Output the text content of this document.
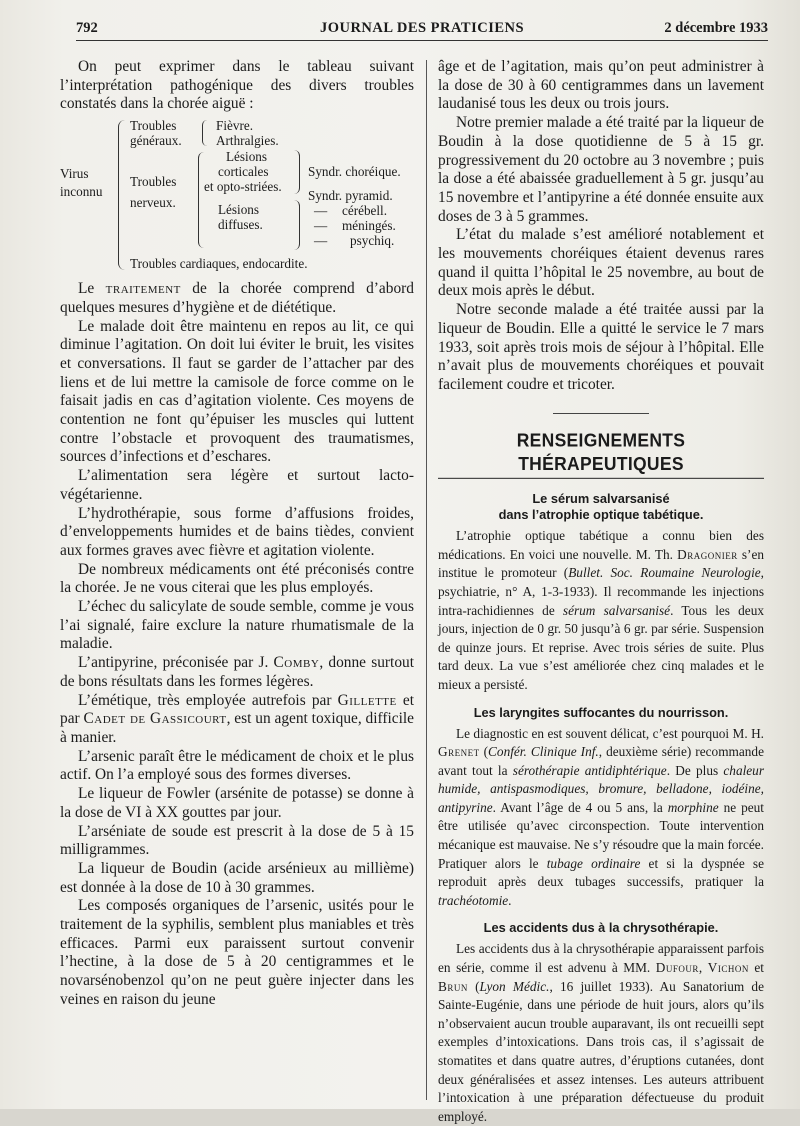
792	JOURNAL DES PRATICIENS	2 décembre 1933

On peut exprimer dans le tableau suivant l’interprétation pathogénique des divers troubles constatés dans la chorée aiguë :

Virus
inconnu
Troubles
généraux.
Fièvre.
Arthralgies.
Troubles
nerveux.
Lésions
corticales
et opto-striées.
Syndr. choréique.
Lésions
diffuses.
Syndr. pyramid.
— cérébell.
— méningés.
— psychiq.
Troubles cardiaques, endocardite.

Le traitement de la chorée comprend d’abord quelques mesures d’hygiène et de diététique.

Le malade doit être maintenu en repos au lit, ce qui diminue l’agitation. On doit lui éviter le bruit, les visites et conversations. Il faut se garder de l’attacher par des liens et de lui mettre la camisole de force comme on le faisait jadis en cas d’agitation violente. Ces moyens de contention ne font qu’épuiser les muscles qui luttent contre l’obstacle et provoquent des traumatismes, sources d’infections et d’eschares.

L’alimentation sera légère et surtout lacto-végétarienne.

L’hydrothérapie, sous forme d’affusions froides, d’enveloppements humides et de bains tièdes, convient aux formes graves avec fièvre et agitation violente.

De nombreux médicaments ont été préconisés contre la chorée. Je ne vous citerai que les plus employés.

L’échec du salicylate de soude semble, comme je vous l’ai signalé, faire exclure la nature rhumatismale de la maladie.

L’antipyrine, préconisée par J. Comby, donne surtout de bons résultats dans les formes légères.

L’émétique, très employée autrefois par Gillette et par Cadet de Gassicourt, est un agent toxique, difficile à manier.

L’arsenic paraît être le médicament de choix et le plus actif. On l’a employé sous des formes diverses.

Le liqueur de Fowler (arsénite de potasse) se donne à la dose de VI à XX gouttes par jour.

L’arséniate de soude est prescrit à la dose de 5 à 15 milligrammes.

La liqueur de Boudin (acide arsénieux au millième) est donnée à la dose de 10 à 30 grammes.

Les composés organiques de l’arsenic, usités pour le traitement de la syphilis, semblent plus maniables et très efficaces. Parmi eux paraissent surtout convenir l’hectine, à la dose de 5 à 20 centigrammes et le novarsénobenzol qu’on ne peut guère injecter dans les veines en raison du jeune

âge et de l’agitation, mais qu’on peut administrer à la dose de 30 à 60 centigrammes dans un lavement laudanisé tous les deux ou trois jours.

Notre premier malade a été traité par la liqueur de Boudin à la dose quotidienne de 5 à 15 gr. progressivement du 20 octobre au 3 novembre ; puis la dose a été abaissée graduellement à 5 gr. jusqu’au 15 novembre et l’antipyrine a été donnée ensuite aux doses de 3 à 5 grammes.

L’état du malade s’est amélioré notablement et les mouvements choréiques étaient devenus rares quand il quitta l’hôpital le 25 novembre, au bout de deux mois après le début.

Notre seconde malade a été traitée aussi par la liqueur de Boudin. Elle a quitté le service le 7 mars 1933, soit après trois mois de séjour à l’hôpital. Elle n’avait plus de mouvements choréiques et pouvait facilement coudre et tricoter.

RENSEIGNEMENTS THÉRAPEUTIQUES
Le sérum salvarsanisé
dans l’atrophie optique tabétique.

L’atrophie optique tabétique a connu bien des médications. En voici une nouvelle. M. Th. Dragonier s’en institue le promoteur (Bullet. Soc. Roumaine Neurologie, psychiatrie, n° A, 1-3-1933). Il recommande les injections intra-rachidiennes de sérum salvarsanisé. Tous les deux jours, injection de 0 gr. 50 jusqu’à 6 gr. par série. Suspension de quinze jours. Et reprise. Avec trois séries de suite. Plus tard deux. La vue s’est améliorée chez cinq malades et le mieux a persisté.

Les laryngites suffocantes du nourrisson.

Le diagnostic en est souvent délicat, c’est pourquoi M. H. Grenet (Confér. Clinique Inf., deuxième série) recommande avant tout la sérothérapie antidiphtérique. De plus chaleur humide, antispasmodiques, bromure, belladone, iodéine, antipyrine. Avant l’âge de 4 ou 5 ans, la morphine ne peut être utilisée qu’avec circonspection. Toute intervention mécanique est mauvaise. Ne s’y résoudre que la main forcée. Pratiquer alors le tubage ordinaire et si la dyspnée se reproduit après deux tubages successifs, pratiquer la trachéotomie.

Les accidents dus à la chrysothérapie.

Les accidents dus à la chrysothérapie apparaissent parfois en série, comme il est advenu à MM. Dufour, Vichon et Brun (Lyon Médic., 16 juillet 1933). Au Sanatorium de Sainte-Eugénie, dans une période de huit jours, alors qu’ils n’observaient aucun trouble auparavant, ils ont recueilli sept exemples d’intoxications. Dans trois cas, il s’agissait de stomatites et dans quatre autres, d’éruptions cutanées, dont deux généralisées et assez intenses. Les auteurs attribuent l’intoxication à une préparation défectueuse du produit employé.
